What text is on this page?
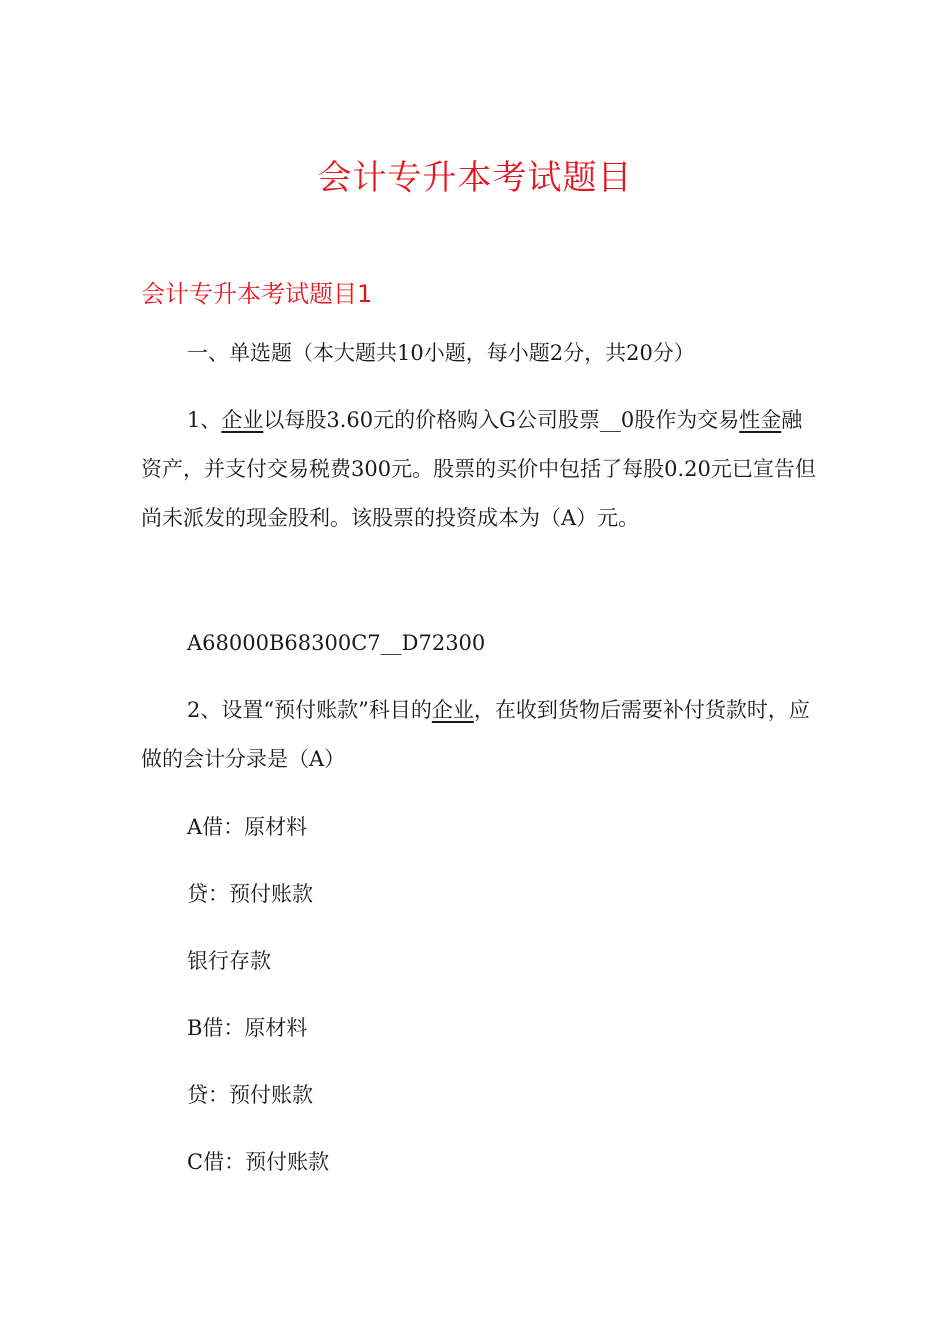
会计专升本考试题目
会计专升本考试题目1

一、单选题（本大题共10小题，每小题2分，共20分）

1、企业以每股3.60元的价格购入G公司股票__0股作为交易性金融资产，并支付交易税费300元。股票的买价中包括了每股0.20元已宣告但尚未派发的现金股利。该股票的投资成本为（A）元。

A68000B68300C7__D72300

2、设置“预付账款”科目的企业，在收到货物后需要补付货款时，应做的会计分录是（A）

A借：原材料

贷：预付账款

银行存款

B借：原材料

贷：预付账款

C借：预付账款
